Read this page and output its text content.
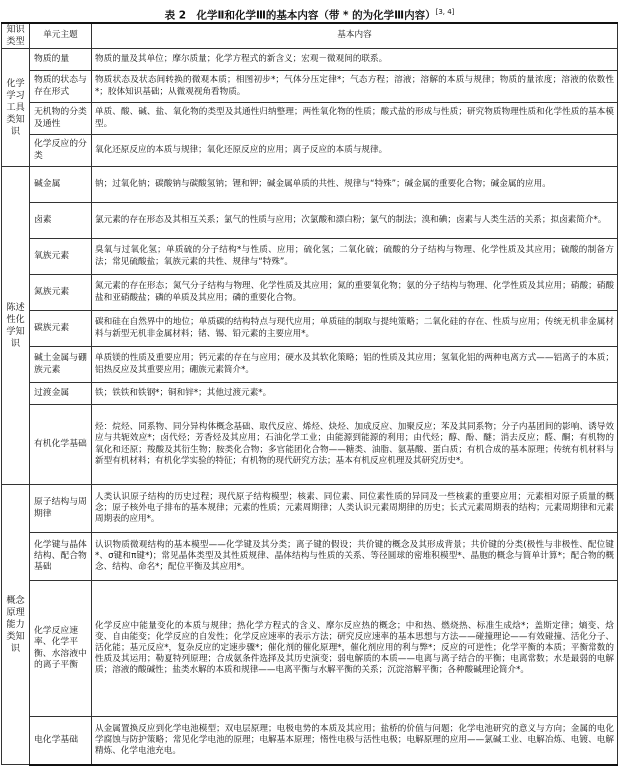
表 2　化学Ⅱ和化学Ⅲ的基本内容（带 * 的为化学Ⅲ内容）[3, 4]
知识类型	单元主题	基本内容
化学学习工具类知识	物质的量	物质的量及其单位；摩尔质量；化学方程式的新含义；宏观－微观间的联系。
	物质的状态与存在形式	物质状态及状态间转换的微观本质；相图初步*；气体分压定律*；气态方程；溶液；溶解的本质与规律；物质的量浓度；溶液的依数性*；胶体知识基础；从微观视角看物质。
	无机物的分类及通性	单质、酸、碱、盐、氧化物的类型及其通性归纳整理；两性氧化物的性质；酸式盐的形成与性质；研究物质物理性质和化学性质的基本模型。
	化学反应的分类	氧化还原反应的本质与规律；氧化还原反应的应用；离子反应的本质与规律。
陈述性化学知识	碱金属	钠；过氧化钠；碳酸钠与碳酸氢钠；锂和钾；碱金属单质的共性、规律与“特殊”；碱金属的重要化合物；碱金属的应用。
	卤素	氯元素的存在形态及其相互关系；氯气的性质与应用；次氯酸和漂白粉；氯气的制法；溴和碘；卤素与人类生活的关系；拟卤素简介*。
	氧族元素	臭氧与过氧化氢；单质硫的分子结构*与性质、应用；硫化氢；二氧化硫；硫酸的分子结构与物理、化学性质及其应用；硫酸的制备方法；常见硫酸盐；氧族元素的共性、规律与“特殊”。
	氮族元素	氮元素的存在形态；氮气分子结构与物理、化学性质及其应用；氮的重要氧化物；氨的分子结构与物理、化学性质及其应用；硝酸；硝酸盐和亚硝酸盐；磷的单质及其应用；磷的重要化合物。
	碳族元素	碳和硅在自然界中的地位；单质碳的结构特点与现代应用；单质硅的制取与提纯策略；二氧化硅的存在、性质与应用；传统无机非金属材料与新型无机非金属材料；锗、锡、铅元素的主要应用*。
	碱土金属与硼族元素	单质镁的性质及重要应用；钙元素的存在与应用；硬水及其软化策略；铝的性质及其应用；氢氧化铝的两种电离方式——铝离子的本质；铝热反应及其重要应用；硼族元素简介*。
	过渡金属	铁；铁铁和铁钢*；铜和锌*；其他过渡元素*。
	有机化学基础	烃：烷烃、同系物、同分异构体概念基础、取代反应、烯烃、炔烃、加成反应、加聚反应；苯及其同系物；分子内基团间的影响、诱导效应与共轭效应*；卤代烃；芳香烃及其应用；石油化学工业；由能源到能源的利用；由代烃；醇、酚、醚；消去反应；醛、酮；有机物的氧化和还原；羧酸及其衍生物；胺类化合物；多官能团化合物——糖类、油脂、氨基酸、蛋白质；有机合成的基本原理；传统有机材料与新型有机材料；有机化学实验的特征；有机物的现代研究方法；基本有机反应机理及其研究历史*。
概念原理能力类知识	原子结构与周期律	人类认识原子结构的历史过程；现代原子结构模型；核素、同位素、同位素性质的异同及一些核素的重要应用；元素相对原子质量的概念；原子核外电子排布的基本规律；元素的性质；元素周期律；人类认识元素周期律的历史；长式元素周期表的结构；元素周期律和元素周期表的应用*。
	化学键与晶体结构、配合物基础	认识物质微观结构的基本模型——化学键及其分类；离子键的假设；共价键的概念及其形成背景；共价键的分类(极性与非极性、配位键*、σ键和π键*)；常见晶体类型及其性质规律、晶体结构与性质的关系、等径圆球的密堆积模型*、晶胞的概念与简单计算*；配合物的概念、结构、命名*；配位平衡及其应用*。
	化学反应速率、化学平衡、水溶液中的离子平衡	化学反应中能量变化的本质与规律；热化学方程式的含义、摩尔反应热的概念；中和热、燃烧热、标准生成焓*；盖斯定律；熵变、焓变、自由能变；化学反应的自发性；化学反应速率的表示方法；研究反应速率的基本思想与方法——碰撞理论——有效碰撞、活化分子、活化能；基元反应*，复杂反应的定速步骤*；催化剂的催化原理*，催化剂应用的利与弊*；反应的可逆性；化学平衡的本质；平衡常数的性质及其运用；勒夏特列原理；合成氨条件选择及其历史演变；弱电解质的本质——电离与离子结合的平衡；电离常数；水是最弱的电解质；溶液的酸碱性；盐类水解的本质和规律——电离平衡与水解平衡的关系；沉淀溶解平衡；各种酸碱理论简介*。
	电化学基础	从金属置换反应到化学电池模型；双电层原理；电极电势的本质及其应用；盐桥的价值与问题；化学电池研究的意义与方向；金属的电化学腐蚀与防护策略；常见化学电池的原理；电解基本原理；惰性电极与活性电极；电解原理的应用——氯碱工业、电解冶炼、电镀、电解精炼、化学电池充电。
